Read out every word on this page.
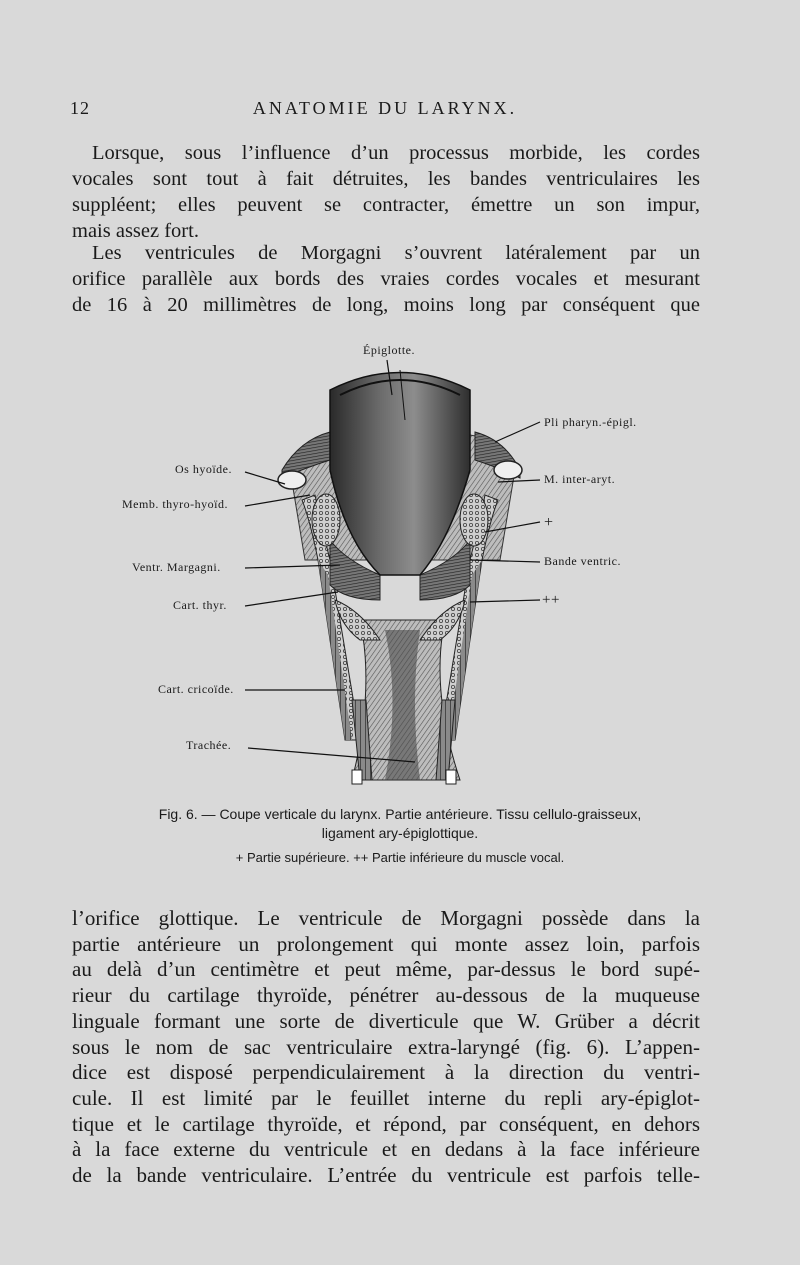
12	ANATOMIE DU LARYNX.
Lorsque, sous l’influence d’un processus morbide, les cordes
vocales sont tout à fait détruites, les bandes ventriculaires les
suppléent; elles peuvent se contracter, émettre un son impur,
mais assez fort.
Les ventricules de Morgagni s’ouvrent latéralement par un
orifice parallèle aux bords des vraies cordes vocales et mesurant
de 16 à 20 millimètres de long, moins long par conséquent que
Épiglotte.
Pli pharyn.-épigl.
M. inter-aryt.
+
Bande ventric.
++
Os hyoïde.
Memb. thyro-hyoïd.
Ventr. Margagni.
Cart. thyr.
Cart. cricoïde.
Trachée.
Fig. 6. — Coupe verticale du larynx. Partie antérieure. Tissu cellulo-graisseux,
ligament ary-épiglottique.
+ Partie supérieure. ++ Partie inférieure du muscle vocal.
l’orifice glottique. Le ventricule de Morgagni possède dans la
partie antérieure un prolongement qui monte assez loin, parfois
au delà d’un centimètre et peut même, par-dessus le bord supé-
rieur du cartilage thyroïde, pénétrer au-dessous de la muqueuse
linguale formant une sorte de diverticule que W. Grüber a décrit
sous le nom de sac ventriculaire extra-laryngé (fig. 6). L’appen-
dice est disposé perpendiculairement à la direction du ventri-
cule. Il est limité par le feuillet interne du repli ary-épiglot-
tique et le cartilage thyroïde, et répond, par conséquent, en dehors
à la face externe du ventricule et en dedans à la face inférieure
de la bande ventriculaire. L’entrée du ventricule est parfois telle-
